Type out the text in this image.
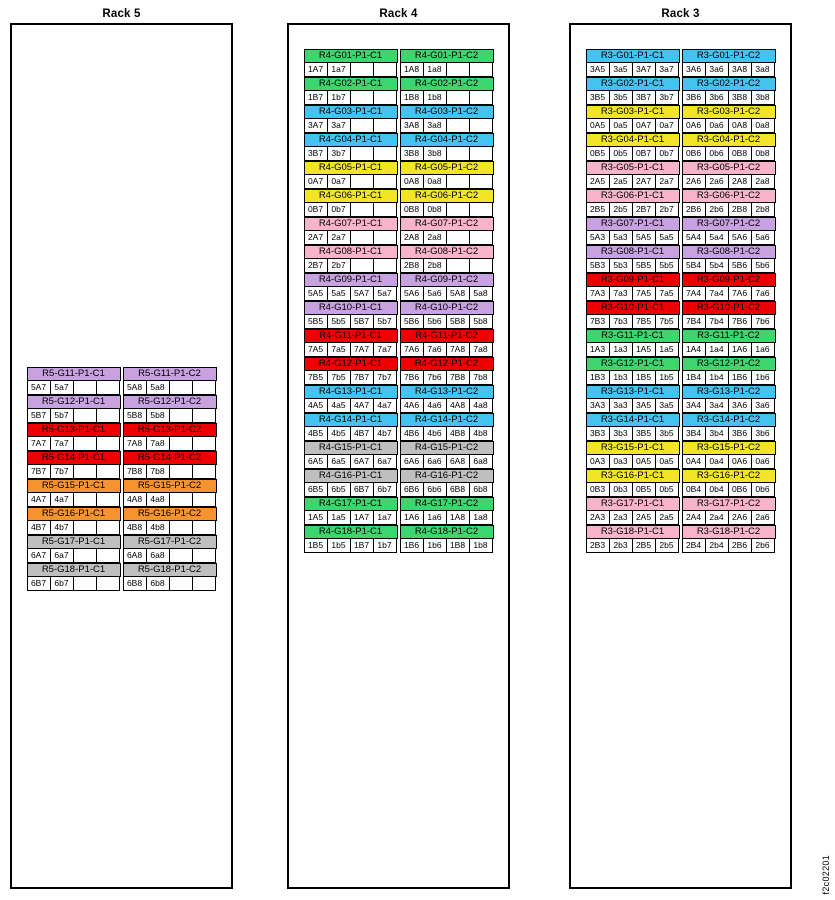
Rack 5
R5-G11-P1-C1
5A7 5a7
R5-G11-P1-C2
5A8 5a8
R5-G12-P1-C1
5B7 5b7
R5-G12-P1-C2
5B8 5b8
R5-G13-P1-C1
7A7 7a7
R5-G13-P1-C2
7A8 7a8
R5-G14-P1-C1
7B7 7b7
R5-G14-P1-C2
7B8 7b8
R5-G15-P1-C1
4A7 4a7
R5-G15-P1-C2
4A8 4a8
R5-G16-P1-C1
4B7 4b7
R5-G16-P1-C2
4B8 4b8
R5-G17-P1-C1
6A7 6a7
R5-G17-P1-C2
6A8 6a8
R5-G18-P1-C1
6B7 6b7
R5-G18-P1-C2
6B8 6b8
Rack 4
R4-G01-P1-C1
1A7 1a7
R4-G01-P1-C2
1A8 1a8
R4-G02-P1-C1
1B7 1b7
R4-G02-P1-C2
1B8 1b8
R4-G03-P1-C1
3A7 3a7
R4-G03-P1-C2
3A8 3a8
R4-G04-P1-C1
3B7 3b7
R4-G04-P1-C2
3B8 3b8
R4-G05-P1-C1
0A7 0a7
R4-G05-P1-C2
0A8 0a8
R4-G06-P1-C1
0B7 0b7
R4-G06-P1-C2
0B8 0b8
R4-G07-P1-C1
2A7 2a7
R4-G07-P1-C2
2A8 2a8
R4-G08-P1-C1
2B7 2b7
R4-G08-P1-C2
2B8 2b8
R4-G09-P1-C1
5A5 5a5 5A7 5a7
R4-G09-P1-C2
5A6 5a6 5A8 5a8
R4-G10-P1-C1
5B5 5b5 5B7 5b7
R4-G10-P1-C2
5B6 5b6 5B8 5b8
R4-G11-P1-C1
7A5 7a5 7A7 7a7
R4-G11-P1-C2
7A6 7a6 7A8 7a8
R4-G12-P1-C1
7B5 7b5 7B7 7b7
R4-G12-P1-C2
7B6 7b6 7B8 7b8
R4-G13-P1-C1
4A5 4a5 4A7 4a7
R4-G13-P1-C2
4A6 4a6 4A8 4a8
R4-G14-P1-C1
4B5 4b5 4B7 4b7
R4-G14-P1-C2
4B6 4b6 4B8 4b8
R4-G15-P1-C1
6A5 6a5 6A7 6a7
R4-G15-P1-C2
6A6 6a6 6A8 6a8
R4-G16-P1-C1
6B5 6b5 6B7 6b7
R4-G16-P1-C2
6B6 6b6 6B8 6b8
R4-G17-P1-C1
1A5 1a5 1A7 1a7
R4-G17-P1-C2
1A6 1a6 1A8 1a8
R4-G18-P1-C1
1B5 1b5 1B7 1b7
R4-G18-P1-C2
1B6 1b6 1B8 1b8
Rack 3
R3-G01-P1-C1
3A5 3a5 3A7 3a7
R3-G01-P1-C2
3A6 3a6 3A8 3a8
R3-G02-P1-C1
3B5 3b5 3B7 3b7
R3-G02-P1-C2
3B6 3b6 3B8 3b8
R3-G03-P1-C1
0A5 0a5 0A7 0a7
R3-G03-P1-C2
0A6 0a6 0A8 0a8
R3-G04-P1-C1
0B5 0b5 0B7 0b7
R3-G04-P1-C2
0B6 0b6 0B8 0b8
R3-G05-P1-C1
2A5 2a5 2A7 2a7
R3-G05-P1-C2
2A6 2a6 2A8 2a8
R3-G06-P1-C1
2B5 2b5 2B7 2b7
R3-G06-P1-C2
2B6 2b6 2B8 2b8
R3-G07-P1-C1
5A3 5a3 5A5 5a5
R3-G07-P1-C2
5A4 5a4 5A6 5a6
R3-G08-P1-C1
5B3 5b3 5B5 5b5
R3-G08-P1-C2
5B4 5b4 5B6 5b6
R3-G09-P1-C1
7A3 7a3 7A5 7a5
R3-G09-P1-C2
7A4 7a4 7A6 7a6
R3-G10-P1-C1
7B3 7b3 7B5 7b5
R3-G10-P1-C2
7B4 7b4 7B6 7b6
R3-G11-P1-C1
1A3 1a3 1A5 1a5
R3-G11-P1-C2
1A4 1a4 1A6 1a6
R3-G12-P1-C1
1B3 1b3 1B5 1b5
R3-G12-P1-C2
1B4 1b4 1B6 1b6
R3-G13-P1-C1
3A3 3a3 3A5 3a5
R3-G13-P1-C2
3A4 3a4 3A6 3a6
R3-G14-P1-C1
3B3 3b3 3B5 3b5
R3-G14-P1-C2
3B4 3b4 3B6 3b6
R3-G15-P1-C1
0A3 0a3 0A5 0a5
R3-G15-P1-C2
0A4 0a4 0A6 0a6
R3-G16-P1-C1
0B3 0b3 0B5 0b5
R3-G16-P1-C2
0B4 0b4 0B6 0b6
R3-G17-P1-C1
2A3 2a3 2A5 2a5
R3-G17-P1-C2
2A4 2a4 2A6 2a6
R3-G18-P1-C1
2B3 2b3 2B5 2b5
R3-G18-P1-C2
2B4 2b4 2B6 2b6
f2c02201
